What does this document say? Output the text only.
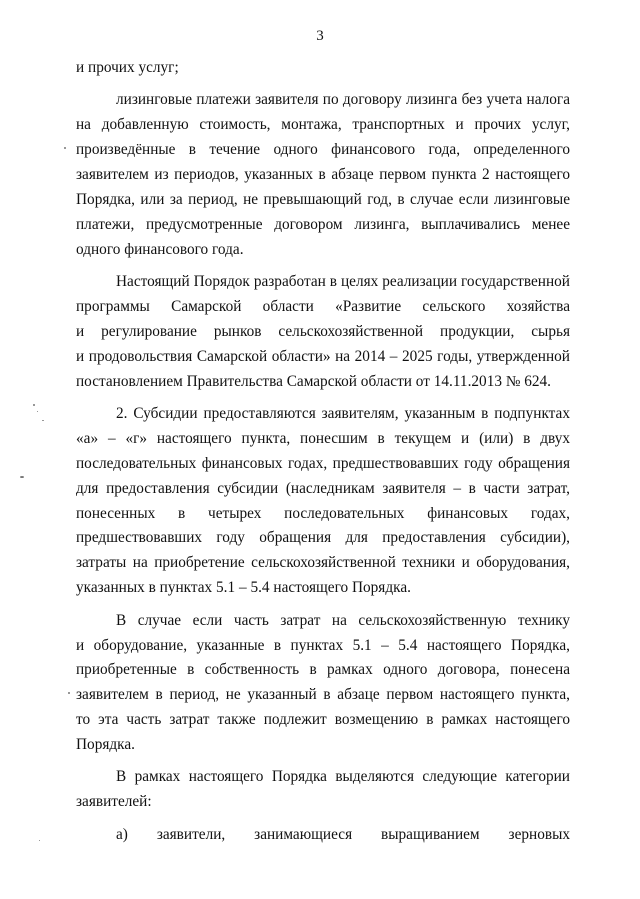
3
и прочих услуг;
лизинговые платежи заявителя по договору лизинга без учета налога
на добавленную стоимость, монтажа, транспортных и прочих услуг,
произведённые в течение одного финансового года, определенного
заявителем из периодов, указанных в абзаце первом пункта 2 настоящего
Порядка, или за период, не превышающий год, в случае если лизинговые
платежи, предусмотренные договором лизинга, выплачивались менее
одного финансового года.
Настоящий Порядок разработан в целях реализации государственной
программы Самарской области «Развитие сельского хозяйства
и регулирование рынков сельскохозяйственной продукции, сырья
и продовольствия Самарской области» на 2014 – 2025 годы, утвержденной
постановлением Правительства Самарской области от 14.11.2013 № 624.
2. Субсидии предоставляются заявителям, указанным в подпунктах
«а» – «г» настоящего пункта, понесшим в текущем и (или) в двух
последовательных финансовых годах, предшествовавших году обращения
для предоставления субсидии (наследникам заявителя – в части затрат,
понесенных в четырех последовательных финансовых годах,
предшествовавших году обращения для предоставления субсидии),
затраты на приобретение сельскохозяйственной техники и оборудования,
указанных в пунктах 5.1 – 5.4 настоящего Порядка.
В случае если часть затрат на сельскохозяйственную технику
и оборудование, указанные в пунктах 5.1 – 5.4 настоящего Порядка,
приобретенные в собственность в рамках одного договора, понесена
заявителем в период, не указанный в абзаце первом настоящего пункта,
то эта часть затрат также подлежит возмещению в рамках настоящего
Порядка.
В рамках настоящего Порядка выделяются следующие категории
заявителей:
а) заявители, занимающиеся выращиванием зерновых
